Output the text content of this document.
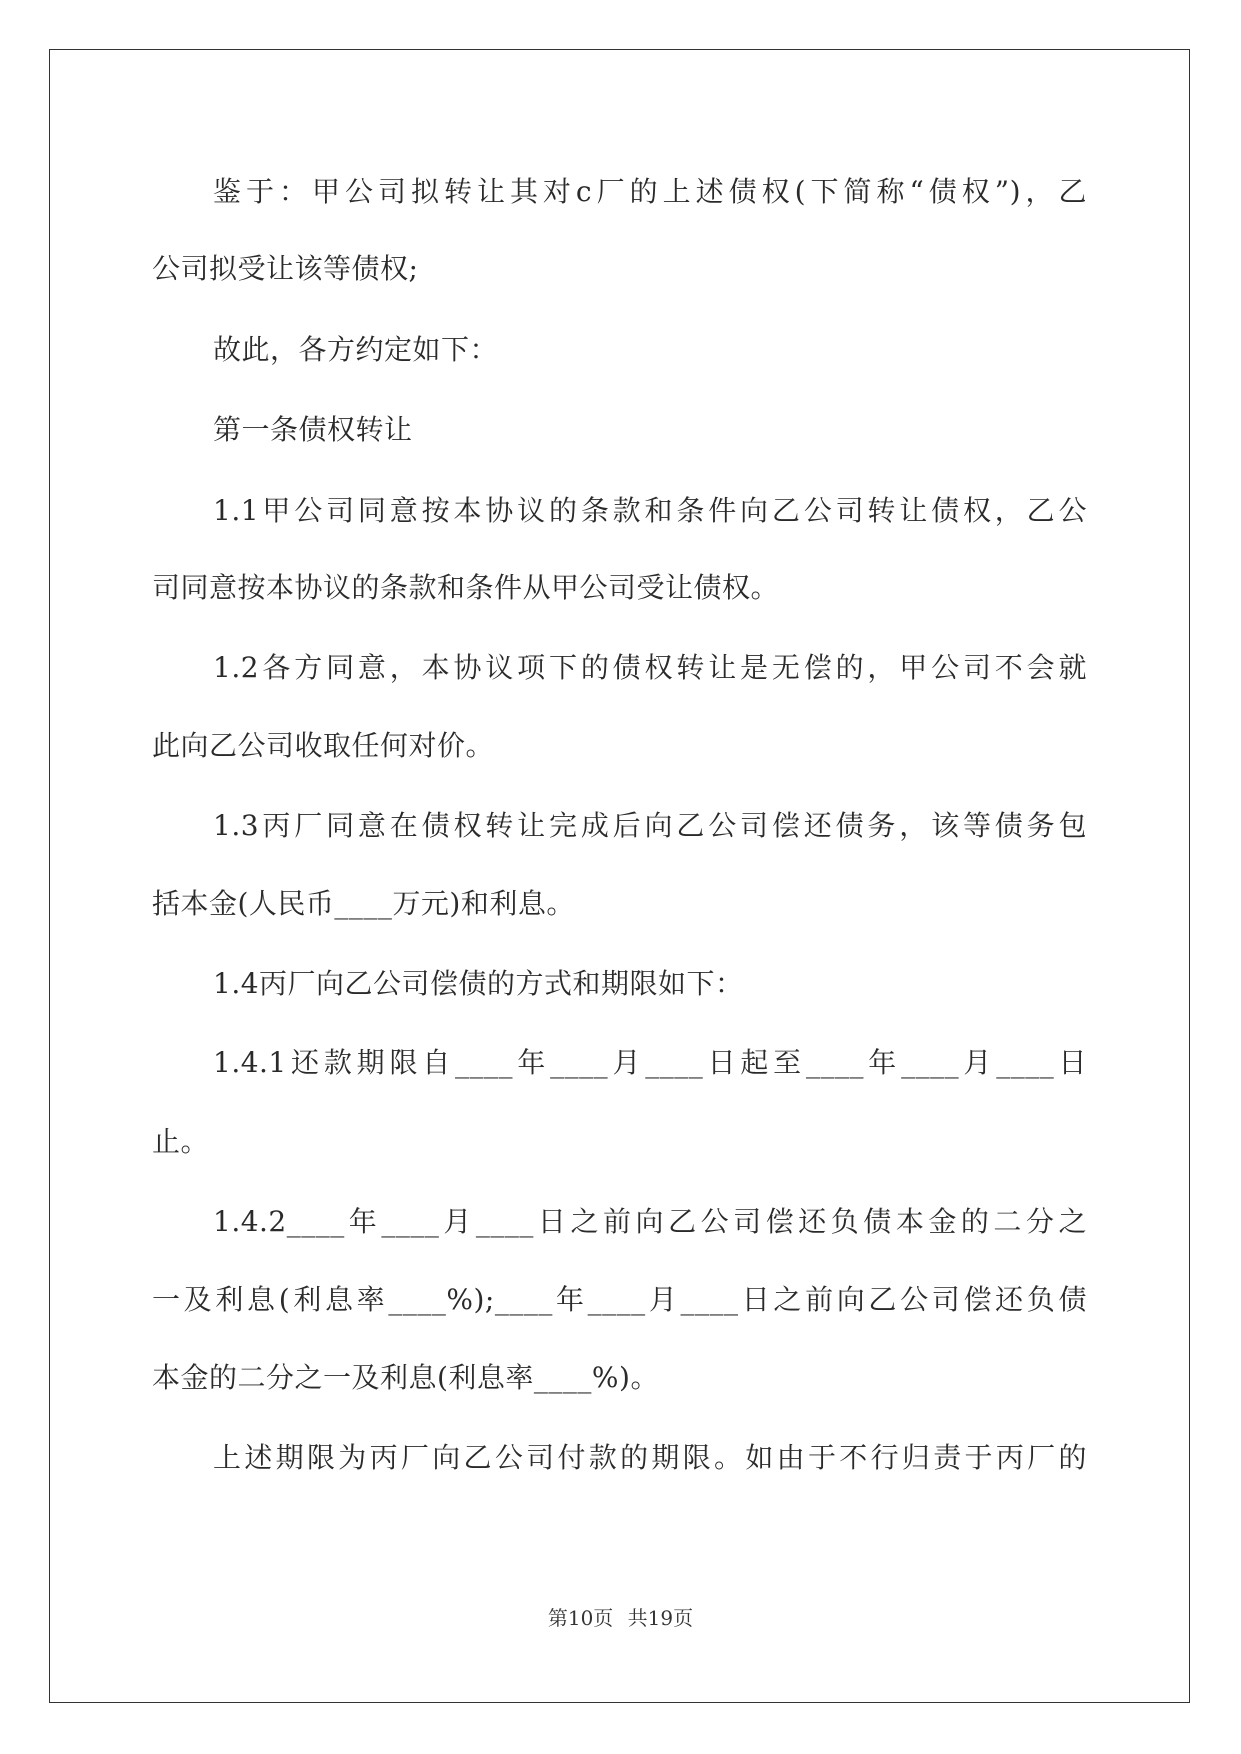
鉴于：甲公司拟转让其对c厂的上述债权(下简称“债权”)，乙
公司拟受让该等债权;
故此，各方约定如下：
第一条债权转让
1.1甲公司同意按本协议的条款和条件向乙公司转让债权，乙公
司同意按本协议的条款和条件从甲公司受让债权。
1.2各方同意，本协议项下的债权转让是无偿的，甲公司不会就
此向乙公司收取任何对价。
1.3丙厂同意在债权转让完成后向乙公司偿还债务，该等债务包
括本金(人民币____万元)和利息。
1.4丙厂向乙公司偿债的方式和期限如下：
1.4.1还款期限自____年____月____日起至____年____月____日
止。
1.4.2____年____月____日之前向乙公司偿还负债本金的二分之
一及利息(利息率____%);____年____月____日之前向乙公司偿还负债
本金的二分之一及利息(利息率____%)。
上述期限为丙厂向乙公司付款的期限。如由于不行归责于丙厂的
第10页 共19页
